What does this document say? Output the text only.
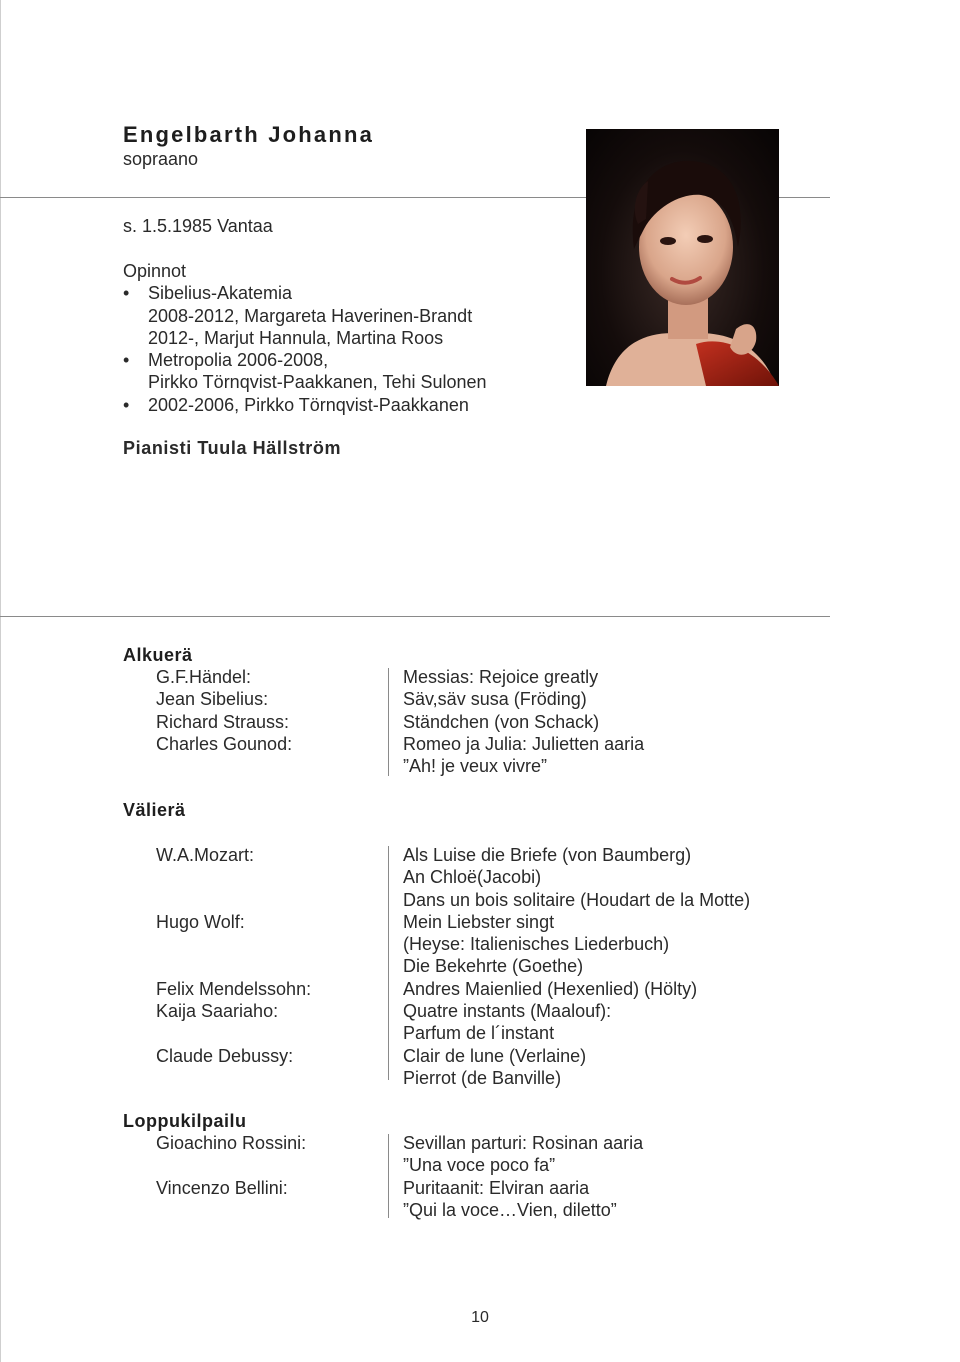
Engelbarth Johanna
sopraano
s. 1.5.1985 Vantaa
Opinnot
• Sibelius-Akatemia
2008-2012, Margareta Haverinen-Brandt
2012-, Marjut Hannula, Martina Roos
• Metropolia 2006-2008,
Pirkko Törnqvist-Paakkanen, Tehi Sulonen
• 2002-2006, Pirkko Törnqvist-Paakkanen
Pianisti Tuula Hällström
Alkuerä
G.F.Händel:
Jean Sibelius:
Richard Strauss:
Charles Gounod:
Messias: Rejoice greatly
Säv,säv susa (Fröding)
Ständchen (von Schack)
Romeo ja Julia: Julietten aaria
”Ah! je veux vivre”
Välierä
W.A.Mozart:
Hugo Wolf:
Felix Mendelssohn:
Kaija Saariaho:
Claude Debussy:
Als Luise die Briefe (von Baumberg)
An Chloë(Jacobi)
Dans un bois solitaire (Houdart de la Motte)
Mein Liebster singt
(Heyse: Italienisches Liederbuch)
Die Bekehrte (Goethe)
Andres Maienlied (Hexenlied) (Hölty)
Quatre instants (Maalouf):
Parfum de l´instant
Clair de lune (Verlaine)
Pierrot (de Banville)
Loppukilpailu
Gioachino Rossini:
Vincenzo Bellini:
Sevillan parturi: Rosinan aaria
”Una voce poco fa”
Puritaanit: Elviran aaria
”Qui la voce…Vien, diletto”
10
